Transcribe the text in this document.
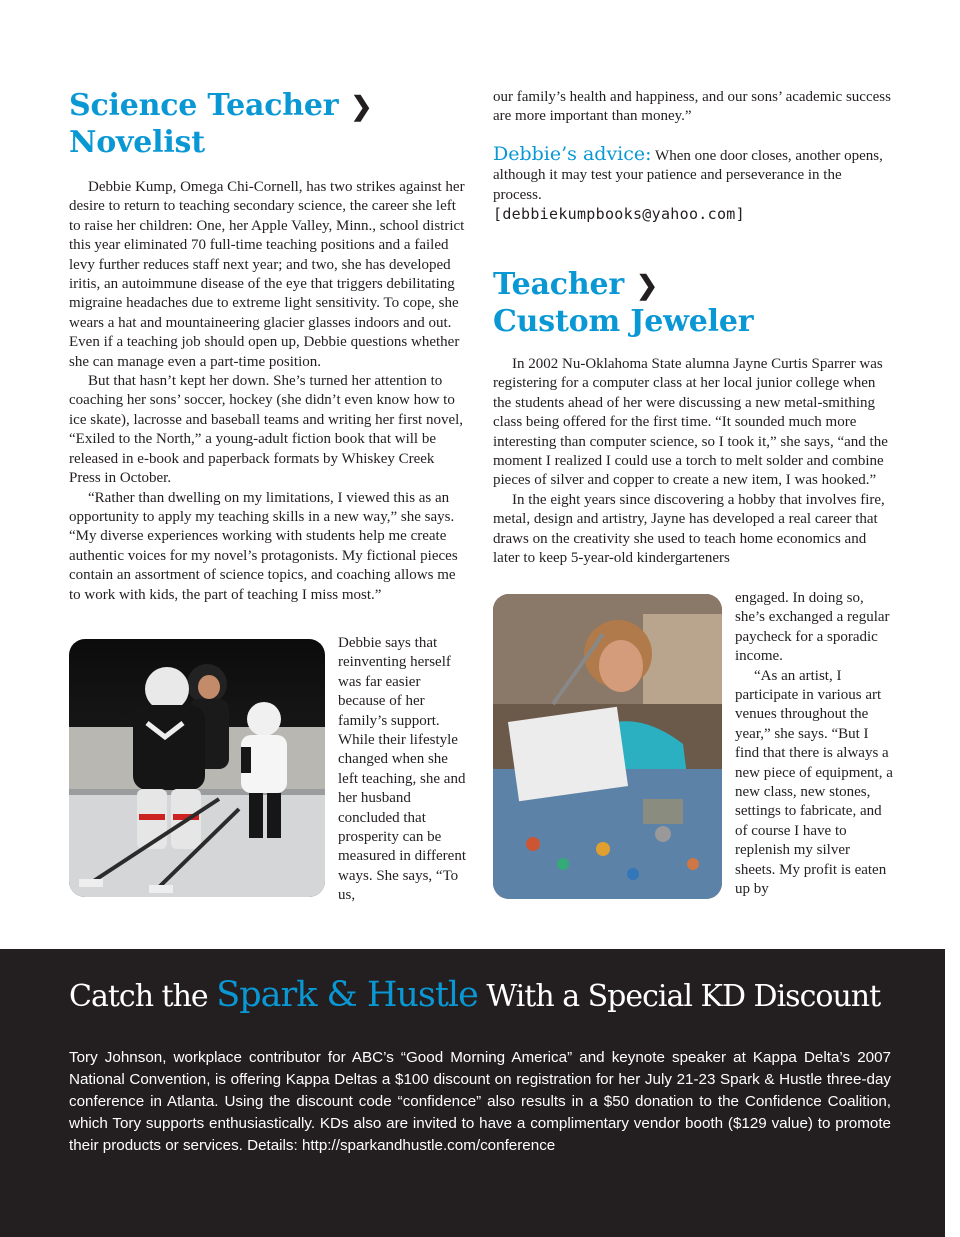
Science Teacher ❯
Novelist

Debbie Kump, Omega Chi-Cornell, has two strikes against her desire to return to teaching secondary science, the career she left to raise her children: One, her Apple Valley, Minn., school district this year eliminated 70 full-time teaching positions and a failed levy further reduces staff next year; and two, she has developed iritis, an autoimmune disease of the eye that triggers debilitating migraine headaches due to extreme light sensitivity. To cope, she wears a hat and mountaineering glacier glasses indoors and out. Even if a teaching job should open up, Debbie questions whether she can manage even a part-time position.

But that hasn’t kept her down. She’s turned her attention to coaching her sons’ soccer, hockey (she didn’t even know how to ice skate), lacrosse and baseball teams and writing her first novel, “Exiled to the North,” a young-adult fiction book that will be released in e-book and paperback formats by Whiskey Creek Press in October.

“Rather than dwelling on my limitations, I viewed this as an opportunity to apply my teaching skills in a new way,” she says. “My diverse experiences working with students help me create authentic voices for my novel’s protagonists. My fictional pieces contain an assortment of science topics, and coaching allows me to work with kids, the part of teaching I miss most.”

Debbie says that reinventing herself was far easier because of her family’s support. While their lifestyle changed when she left teaching, she and her husband concluded that prosperity can be measured in different ways. She says, “To us,

our family’s health and happiness, and our sons’ academic success are more important than money.”

Debbie’s advice: When one door closes, another opens, although it may test your patience and perseverance in the process.

[debbiekumpbooks@yahoo.com]
Teacher ❯
Custom Jeweler

In 2002 Nu-Oklahoma State alumna Jayne Curtis Sparrer was registering for a computer class at her local junior college when the students ahead of her were discussing a new metal-smithing class being offered for the first time. “It sounded much more interesting than computer science, so I took it,” she says, “and the moment I realized I could use a torch to melt solder and combine pieces of silver and copper to create a new item, I was hooked.”

In the eight years since discovering a hobby that involves fire, metal, design and artistry, Jayne has developed a real career that draws on the creativity she used to teach home economics and later to keep 5-year-old kindergarteners

engaged. In doing so, she’s exchanged a regular paycheck for a sporadic income.

“As an artist, I participate in various art venues throughout the year,” she says. “But I find that there is always a new piece of equipment, a new class, new stones, settings to fabricate, and of course I have to replenish my silver sheets. My profit is eaten up by

Catch the Spark & Hustle With a Special KD Discount
Tory Johnson, workplace contributor for ABC’s “Good Morning America” and keynote speaker at Kappa Delta’s 2007 National Convention, is offering Kappa Deltas a $100 discount on registration for her July 21-23 Spark & Hustle three-day conference in Atlanta. Using the discount code “confidence” also results in a $50 donation to the Confidence Coalition, which Tory supports enthusiastically. KDs also are invited to have a complimentary vendor booth ($129 value) to promote their products or services. Details: http://sparkandhustle.com/conference
